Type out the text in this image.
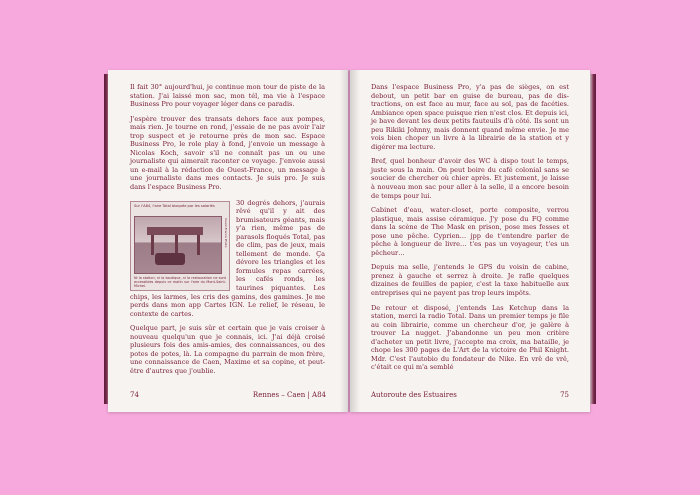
Il fait 30° aujourd'hui, je continue mon tour de piste de la station. J'ai laissé mon sac, mon tél, ma vie à l'espace Business Pro pour voyager léger dans ce paradis.

J'espère trouver des transats dehors face aux pompes, mais rien. Je tourne en rond, j'essaie de ne pas avoir l'air trop suspect et je retourne près de mon sac. Espace Business Pro, le role play à fond, j'envoie un message à Nicolas Koch, savoir s'il ne connaît pas un ou une journaliste qui aimerait raconter ce voyage. J'envoie aussi un e-mail à la rédaction de Ouest-France, un message à une journaliste dans mes contacts. Je suis pro. Je suis dans l'espace Business Pro.

Sur l'A84, l'aire Total bloquée par les salariés
Ouest-France Photo
Ni la station, ni la boutique, ni la restauration ne sont accessibles depuis ce matin sur l'aire du Mont-Saint-Michel.

30 degrés dehors, j'aurais rêvé qu'il y ait des brumisateurs géants, mais y'a rien, même pas de parasols floqués Total, pas de clim, pas de jeux, mais tellement de monde. Ça dévore les triangles et les formules repas carrées, les cafés ronds, les taurines piquantes. Les chips, les larmes, les cris des gamins, des gamines. Je me perds dans mon app Cartes IGN. Le relief, le réseau, le contexte de cartes.

Quelque part, je suis sûr et certain que je vais croiser à nouveau quelqu'un que je connais, ici. J'ai déjà croisé plusieurs fois des amis-amies, des connaissances, ou des potes de potes, là. La compagne du parrain de mon frère, une connaissance de Caen, Maxime et sa copine, et peut-être d'autres que j'oublie.

74	Rennes – Caen | A84

Dans l'espace Business Pro, y'a pas de sièges, on est debout, un petit bar en guise de bureau, pas de distractions, on est face au mur, face au sol, pas de facéties. Ambiance open space puisque rien n'est clos. Et depuis ici, je bave devant les deux petits fauteuils d'à côté. Ils sont un peu Rikiki Johnny, mais donnent quand même envie. Je me vois bien choper un livre à la librairie de la station et y digérer ma lecture.

Bref, quel bonheur d'avoir des WC à dispo tout le temps, juste sous la main. On peut boire du café colonial sans se soucier de chercher où chier après. Et justement, je laisse à nouveau mon sac pour aller à la selle, il a encore besoin de temps pour lui.

Cabinet d'eau, water-closet, porte composite, verrou plastique, mais assise céramique. J'y pose du FQ comme dans la scène de The Mask en prison, pose mes fesses et pose une pêche. Cyprien… jpp de t'entendre parler de pêche à longueur de livre… t'es pas un voyageur, t'es un pêcheur…

Depuis ma selle, j'entends le GPS du voisin de cabine, prenez à gauche et serrez à droite. Je rafle quelques dizaines de feuilles de papier, c'est la taxe habituelle aux entreprises qui ne payent pas trop leurs impôts.

De retour et disposé, j'entends Las Ketchup dans la station, merci la radio Total. Dans un premier temps je file au coin librairie, comme un chercheur d'or, je galère à trouver La nugget. J'abandonne un peu mon critère d'acheter un petit livre, j'accepte ma croix, ma bataille, je chope les 300 pages de L'Art de la victoire de Phil Knight. Mdr. C'est l'autobio du fondateur de Nike. En vrê de vrê, c'était ce qui m'a semblé

Autoroute des Estuaires	75
